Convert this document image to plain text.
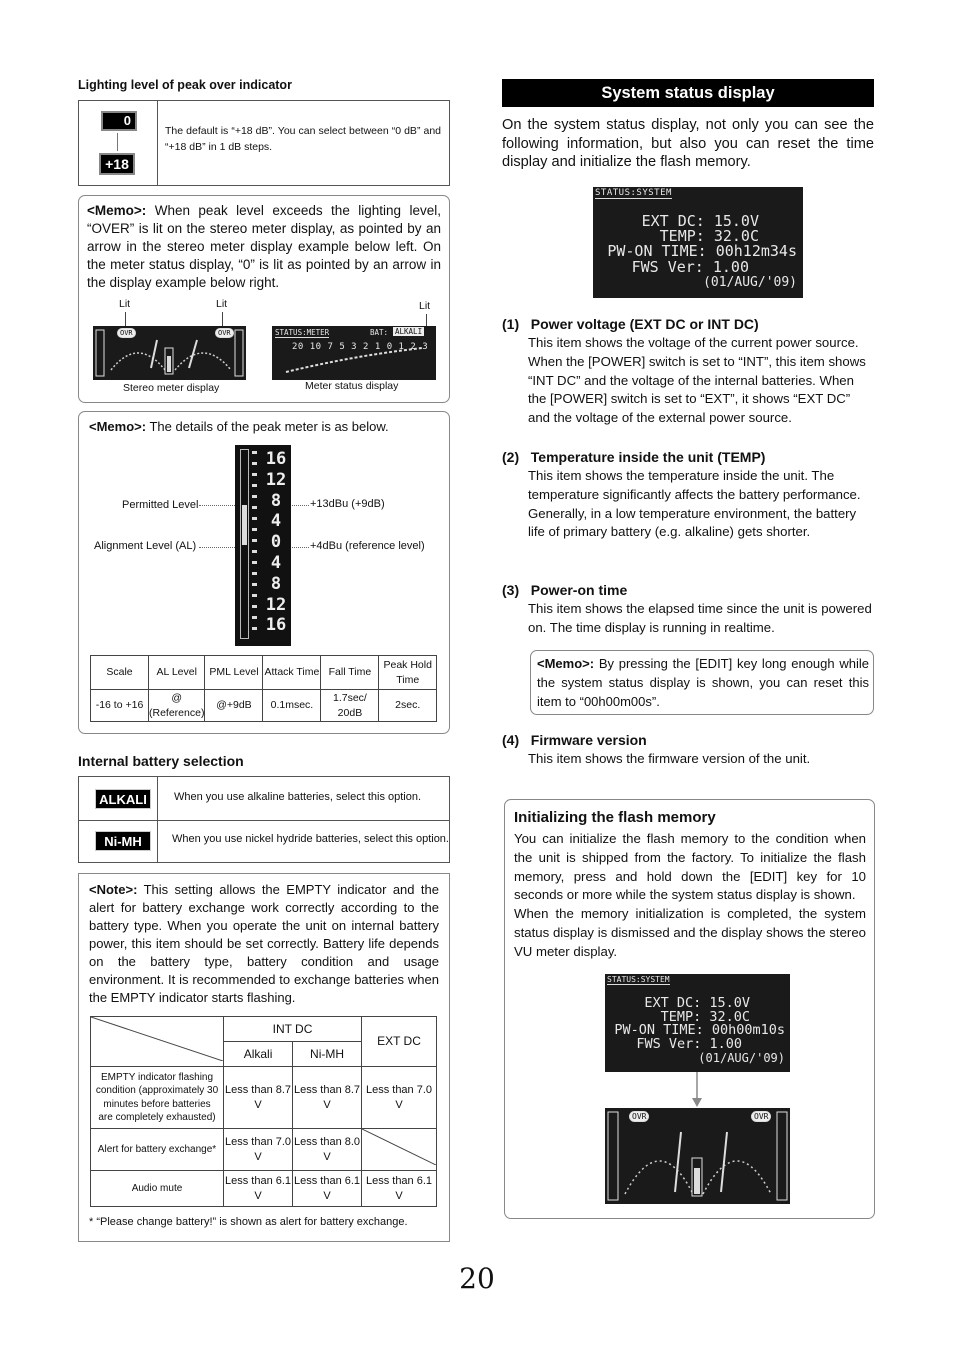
Lighting level of peak over indicator
0
+18
The default is “+18 dB”. You can select between “0 dB” and “+18 dB” in 1 dB steps.
<Memo>: When peak level exceeds the lighting level, “OVER” is lit on the stereo meter display, as pointed by an arrow in the stereo meter display example below left. On the meter status display, “0” is lit as pointed by an arrow in the display example below right.
Lit	Lit	Lit
OVR	OVR	STATUS:METER	BAT: ALKALI
20 10 7 5 3 2 1 0 1 2 3
Stereo meter display	Meter status display
<Memo>: The details of the peak meter is as below.
Permitted Level
Alignment Level (AL)
+13dBu (+9dB)
+4dBu (reference level)
16
12
8
4
0
4
8
12
16
Scale	AL Level	PML Level	Attack Time	Fall Time	Peak Hold Time
-16 to +16	@ (Reference)	@+9dB	0.1msec.	1.7sec/ 20dB	2sec.
Internal battery selection
ALKALI	When you use alkaline batteries, select this option.
Ni-MH	When you use nickel hydride batteries, select this option.
<Note>: This setting allows the EMPTY indicator and the alert for battery exchange work correctly according to the battery type. When you operate the unit on internal battery power, this item should be set correctly. Battery life depends on the battery type, battery condition and usage environment. It is recommended to exchange batteries when the EMPTY indicator starts flashing.
	INT DC		EXT DC
	Alkali	Ni-MH	
EMPTY indicator flashing condition (approximately 30 minutes before batteries are completely exhausted)	Less than 8.7 V	Less than 8.7 V	Less than 7.0 V
Alert for battery exchange*	Less than 7.0 V	Less than 8.0 V	
Audio mute	Less than 6.1 V	Less than 6.1 V	Less than 6.1 V
* “Please change battery!” is shown as alert for battery exchange.
System status display
On the system status display, not only you can see the following information, but also you can reset the time display and initialize the flash memory.
STATUS:SYSTEM
EXT DC: 15.0V
TEMP: 32.0C
PW-ON TIME: 00h12m34s
FWS Ver: 1.00
(01/AUG/'09)
(1) Power voltage (EXT DC or INT DC)
This item shows the voltage of the current power source. When the [POWER] switch is set to “INT”, this item shows “INT DC” and the voltage of the internal batteries. When the [POWER] switch is set to “EXT”, it shows “EXT DC” and the voltage of the external power source.
(2) Temperature inside the unit (TEMP)
This item shows the temperature inside the unit. The temperature significantly affects the battery performance. Generally, in a low temperature environment, the battery life of primary battery (e.g. alkaline) gets shorter.
(3) Power-on time
This item shows the elapsed time since the unit is powered on. The time display is running in realtime.
<Memo>: By pressing the [EDIT] key long enough while the system status display is shown, you can reset this item to “00h00m00s”.
(4) Firmware version
This item shows the firmware version of the unit.
Initializing the flash memory
You can initialize the flash memory to the condition when the unit is shipped from the factory. To initialize the flash memory, press and hold down the [EDIT] key for 10 seconds or more while the system status display is shown.
When the memory initialization is completed, the system status display is dismissed and the display shows the stereo VU meter display.
STATUS:SYSTEM
EXT DC: 15.0V
TEMP: 32.0C
PW-ON TIME: 00h00m10s
FWS Ver: 1.00
(01/AUG/'09)
OVR	OVR
20
